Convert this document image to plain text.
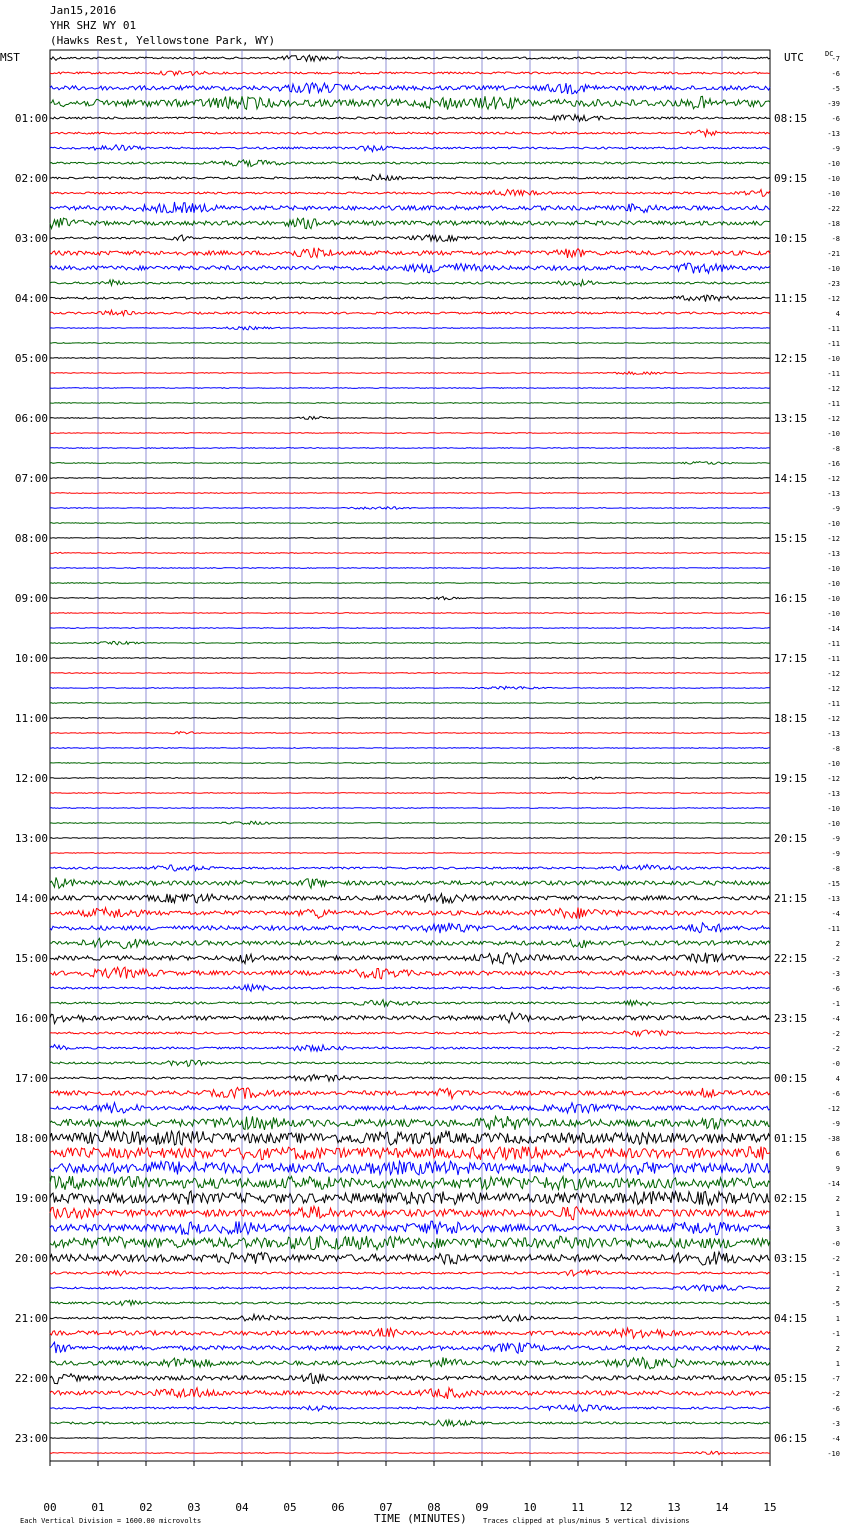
Jan15,2016
YHR SHZ WY 01
(Hawks Rest, Yellowstone Park, WY)
MST	UTC	DC
TIME (MINUTES)
Each Vertical Division = 1600.00 microvolts	Traces clipped at plus/minus 5 vertical divisions
00	01	02	03	04	05	06	07	08	09	10	11	12	13	14	15
-7
-6
-5
-39
-6
-13
-9
-10
-10
-10
-22
-18
-8
-21
-10
-23
-12
4
-11
-11
-10
-11
-12
-11
-12
-10
-8
-16
-12
-13
-9
-10
-12
-13
-10
-10
-10
-10
-14
-11
-11
-12
-12
-11
-12
-13
-8
-10
-12
-13
-10
-10
-9
-9
-8
-15
-13
-4
-11
2
-2
-3
-6
-1
-4
-2
-2
-0
4
-6
-12
-9
-38
6
9
-14
2
1
3
-0
-2
-1
2
-5
1
-1
2
1
-7
-2
-6
-3
-4
-10
01:00	08:15
02:00	09:15
03:00	10:15
04:00	11:15
05:00	12:15
06:00	13:15
07:00	14:15
08:00	15:15
09:00	16:15
10:00	17:15
11:00	18:15
12:00	19:15
13:00	20:15
14:00	21:15
15:00	22:15
16:00	23:15
17:00	00:15
18:00	01:15
19:00	02:15
20:00	03:15
21:00	04:15
22:00	05:15
23:00	06:15
